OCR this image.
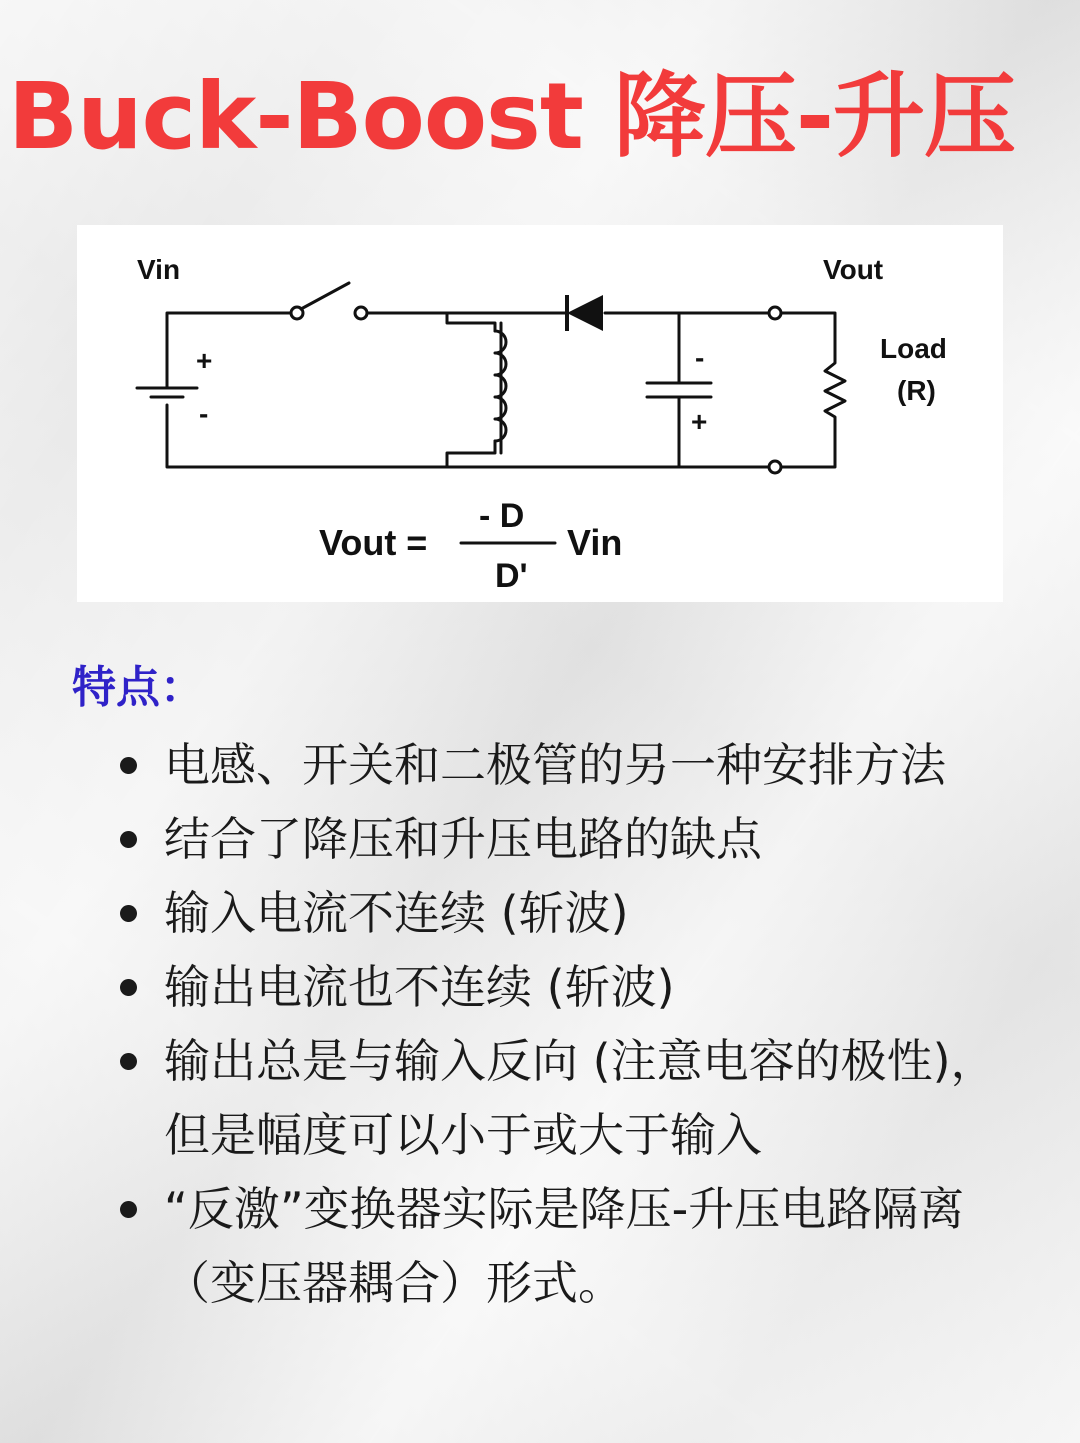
Buck-Boost 降压-升压
Vin	Vout
Load
(R)
+
-
-
+
Vout =
- D
D'
Vin
特点：
电感、开关和二极管的另一种安排方法
结合了降压和升压电路的缺点
输入电流不连续 (斩波)
输出电流也不连续 (斩波)
输出总是与输入反向 (注意电容的极性)，但是幅度可以小于或大于输入
“反激”变换器实际是降压-升压电路隔离（变压器耦合）形式。
